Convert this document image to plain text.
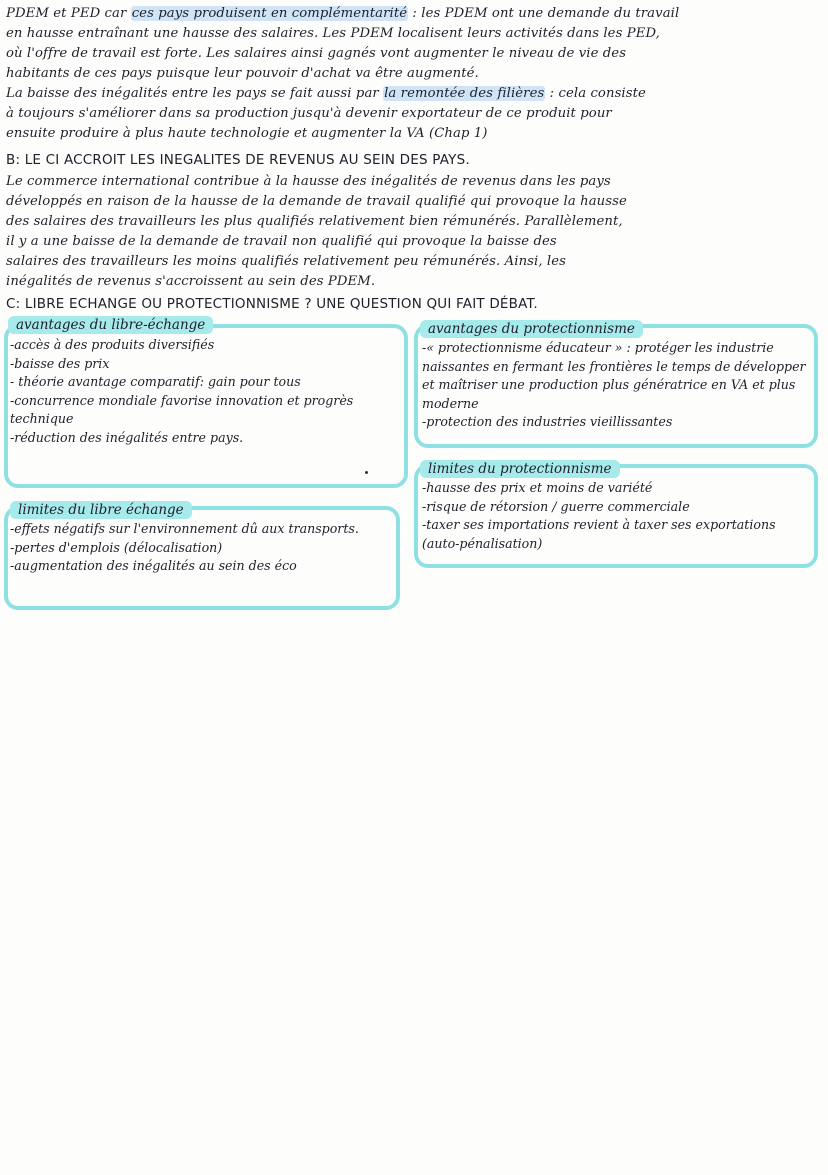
PDEM et PED car ces pays produisent en complémentarité : les PDEM ont une demande du travail
en hausse entraînant une hausse des salaires. Les PDEM localisent leurs activités dans les PED,
où l'offre de travail est forte. Les salaires ainsi gagnés vont augmenter le niveau de vie des
habitants de ces pays puisque leur pouvoir d'achat va être augmenté.
La baisse des inégalités entre les pays se fait aussi par la remontée des filières : cela consiste
à toujours s'améliorer dans sa production jusqu'à devenir exportateur de ce produit pour
ensuite produire à plus haute technologie et augmenter la VA (Chap 1)
B: LE CI ACCROIT LES INEGALITES DE REVENUS AU SEIN DES PAYS.
Le commerce international contribue à la hausse des inégalités de revenus dans les pays
développés en raison de la hausse de la demande de travail qualifié qui provoque la hausse
des salaires des travailleurs les plus qualifiés relativement bien rémunérés. Parallèlement,
il y a une baisse de la demande de travail non qualifié qui provoque la baisse des
salaires des travailleurs les moins qualifiés relativement peu rémunérés. Ainsi, les
inégalités de revenus s'accroissent au sein des PDEM.
C: LIBRE ECHANGE OU PROTECTIONNISME ? UNE QUESTION QUI FAIT DÉBAT.
avantages du libre-échange
-accès à des produits diversifiés
-baisse des prix
- théorie avantage comparatif: gain pour tous
-concurrence mondiale favorise innovation et progrès technique
-réduction des inégalités entre pays.
avantages du protectionnisme
-« protectionnisme éducateur » : protéger les industrie naissantes en fermant les frontières le temps de développer et maîtriser une production plus génératrice en VA et plus moderne
-protection des industries vieillissantes
limites du protectionnisme
-hausse des prix et moins de variété
-risque de rétorsion / guerre commerciale
-taxer ses importations revient à taxer ses exportations (auto-pénalisation)
limites du libre échange
-effets négatifs sur l'environnement dû aux transports.
-pertes d'emplois (délocalisation)
-augmentation des inégalités au sein des éco
